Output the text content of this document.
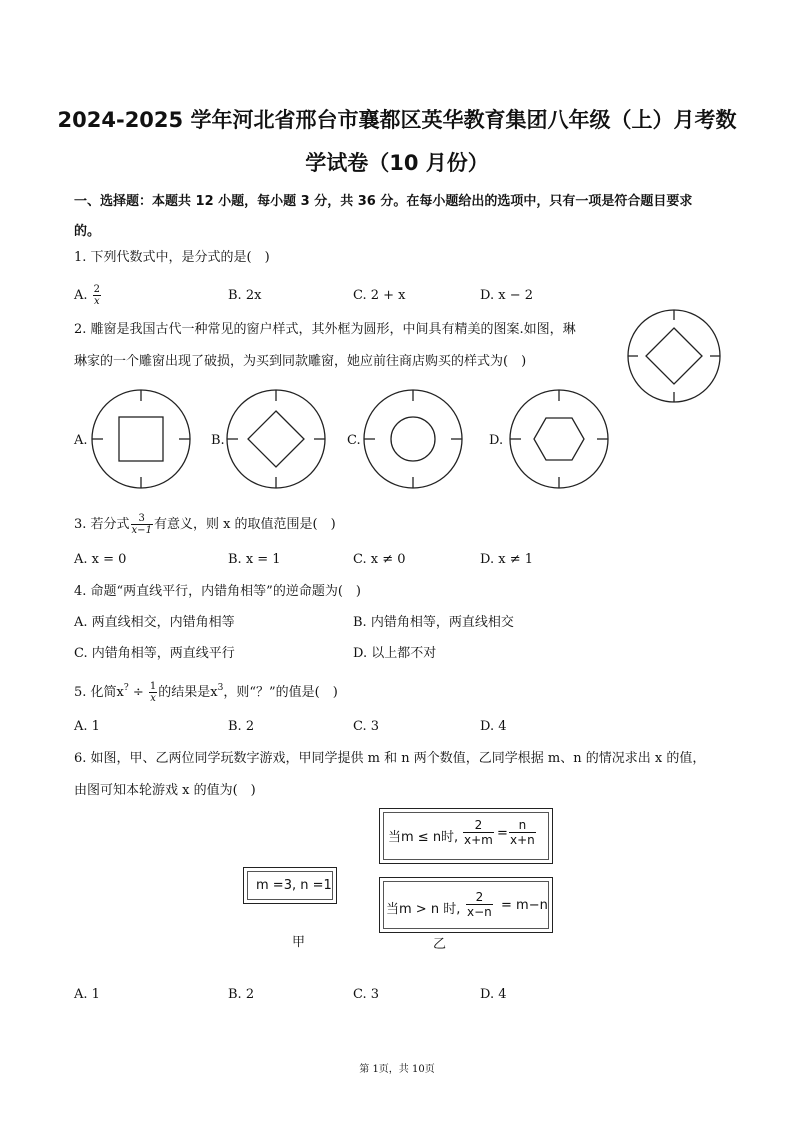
2024-2025 学年河北省邢台市襄都区英华教育集团八年级（上）月考数
学试卷（10 月份）
一、选择题：本题共 12 小题，每小题 3 分，共 36 分。在每小题给出的选项中，只有一项是符合题目要求
的。
1. 下列代数式中，是分式的是(　)
A. $\frac{2}{x}$	B. 2x	C. 2 + x	D. x − 2
2. 雕窗是我国古代一种常见的窗户样式，其外框为圆形，中间具有精美的图案.如图，琳
琳家的一个雕窗出现了破损，为买到同款雕窗，她应前往商店购买的样式为(　)
A.	B.	C.	D.
3. 若分式 $\frac{3}{x-1}$ 有意义，则 x 的取值范围是(　)
A. x = 0	B. x = 1	C. x ≠ 0	D. x ≠ 1
4. 命题“两直线平行，内错角相等”的逆命题为(　)
A. 两直线相交，内错角相等	B. 内错角相等，两直线相交
C. 内错角相等，两直线平行	D. 以上都不对
5. 化简$x^? \div \frac{1}{x}$ 的结果是$x^3$，则“？”的值是(　)
A. 1	B. 2	C. 3	D. 4
6. 如图，甲、乙两位同学玩数字游戏，甲同学提供 m 和 n 两个数值，乙同学根据 m、n 的情况求出 x 的值，
由图可知本轮游戏 x 的值为(　)
当m ≤ n时, $\frac{2}{x+m} = \frac{n}{x+n}$
m =3, n =1
当m > n 时, $\frac{2}{x-n} = m-n$
甲	乙
A. 1	B. 2	C. 3	D. 4
第 1页，共 10页
